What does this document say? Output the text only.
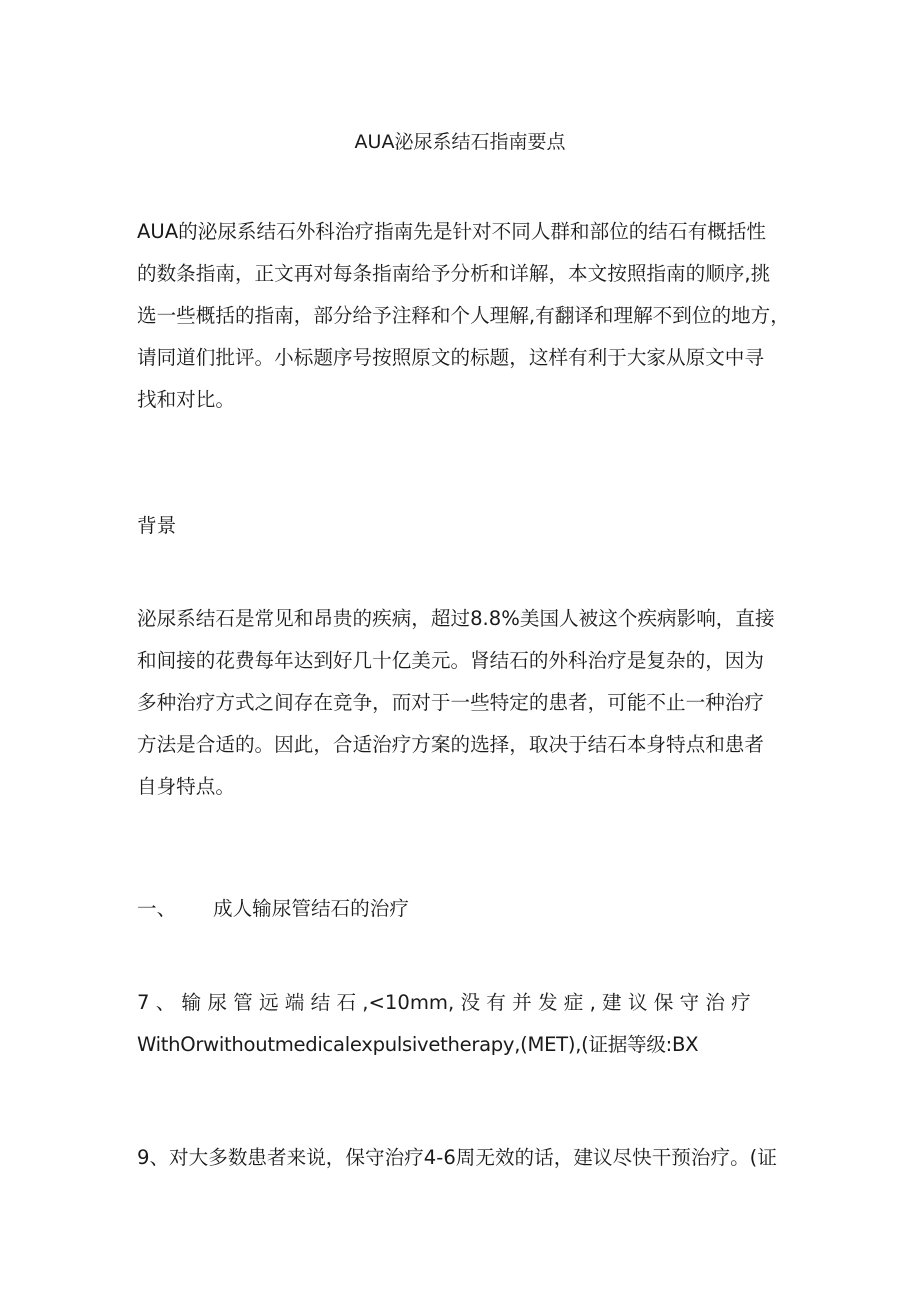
AUA泌尿系结石指南要点
AUA的泌尿系结石外科治疗指南先是针对不同人群和部位的结石有概括性
的数条指南，正文再对每条指南给予分析和详解，本文按照指南的顺序,挑
选一些概括的指南，部分给予注释和个人理解,有翻译和理解不到位的地方，
请同道们批评。小标题序号按照原文的标题，这样有利于大家从原文中寻
找和对比。
背景
泌尿系结石是常见和昂贵的疾病，超过8.8%美国人被这个疾病影响，直接
和间接的花费每年达到好几十亿美元。肾结石的外科治疗是复杂的，因为
多种治疗方式之间存在竞争，而对于一些特定的患者，可能不止一种治疗
方法是合适的。因此，合适治疗方案的选择，取决于结石本身特点和患者
自身特点。
一、 成人输尿管结石的治疗
7 、 输 尿 管 远 端 结 石 ,<10mm, 没 有 并 发 症 , 建 议 保 守 治 疗
WithOrwithoutmedicalexpulsivetherapy,(MET),(证据等级:BX
9、对大多数患者来说，保守治疗4-6周无效的话，建议尽快干预治疗。(证
